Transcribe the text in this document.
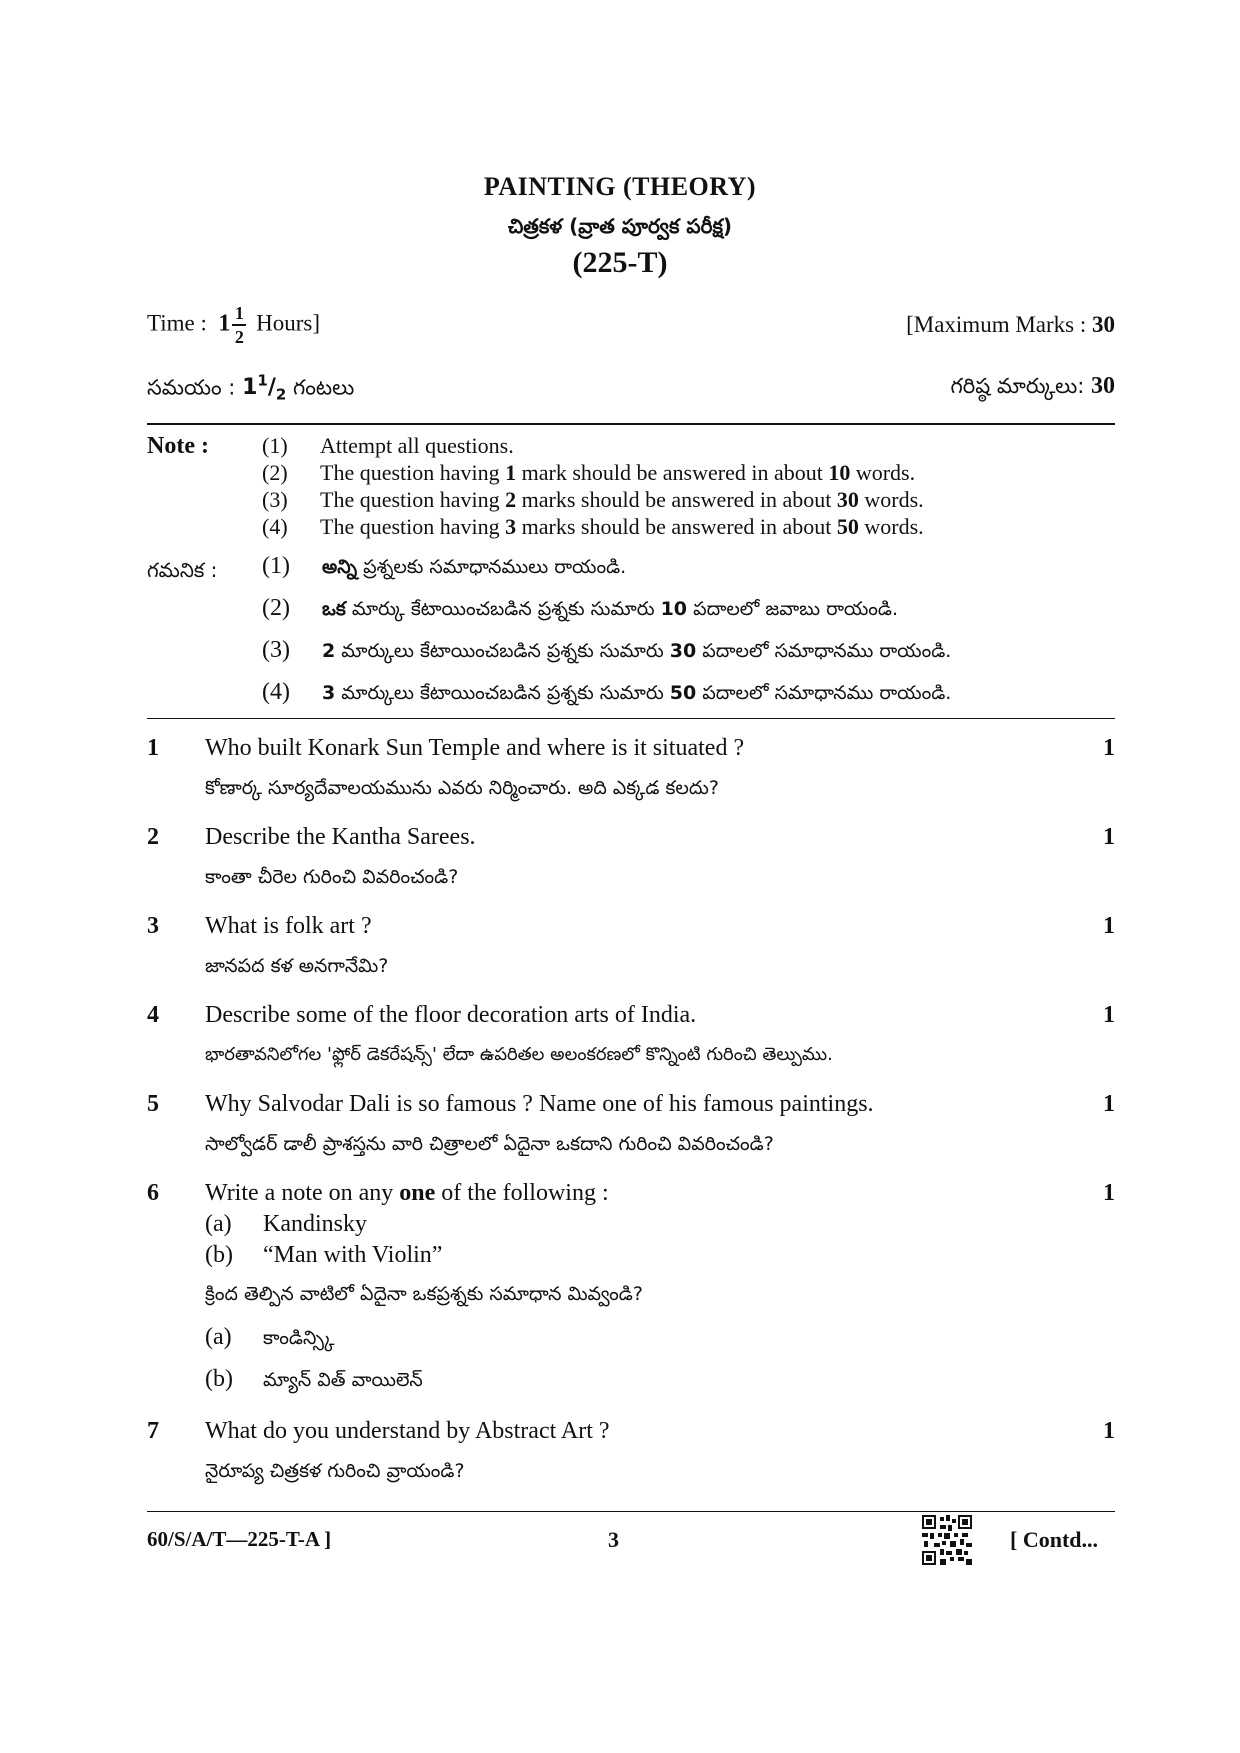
PAINTING (THEORY)
చిత్రకళ (వ్రాత పూర్వక పరీక్ష)
(225-T)
Time : $1 \frac{1}{2}$ Hours]	[Maximum Marks : 30
సమయం : $1^1/_2$ గంటలు	గరిష్ఠ మార్కులు: 30
Note : (1) Attempt all questions.
(2) The question having 1 mark should be answered in about 10 words.
(3) The question having 2 marks should be answered in about 30 words.
(4) The question having 3 marks should be answered in about 50 words.
గమనిక : (1) అన్ని ప్రశ్నలకు సమాధానములు రాయండి.
(2) ఒక మార్కు కేటాయించబడిన ప్రశ్నకు సుమారు 10 పదాలలో జవాబు రాయండి.
(3) 2 మార్కులు కేటాయించబడిన ప్రశ్నకు సుమారు 30 పదాలలో సమాధానము రాయండి.
(4) 3 మార్కులు కేటాయించబడిన ప్రశ్నకు సుమారు 50 పదాలలో సమాధానము రాయండి.
1 Who built Konark Sun Temple and where is it situated ?	1
కోణార్క సూర్యదేవాలయమును ఎవరు నిర్మించారు. అది ఎక్కడ కలదు?
2 Describe the Kantha Sarees.	1
కాంతా చీరెల గురించి వివరించండి?
3 What is folk art ?	1
జానపద కళ అనగానేమి?
4 Describe some of the floor decoration arts of India.	1
భారతావనిలోగల 'ఫ్లోర్ డెకరేషన్స్' లేదా ఉపరితల అలంకరణలో కొన్నింటి గురించి తెల్పుము.
5 Why Salvodar Dali is so famous ? Name one of his famous paintings.	1
సాల్వోడర్ డాలీ ప్రాశస్తను వారి చిత్రాలలో ఏదైనా ఒకదాని గురించి వివరించండి?
6 Write a note on any one of the following :	1
(a) Kandinsky
(b) “Man with Violin”
క్రింద తెల్పిన వాటిలో ఏదైనా ఒకప్రశ్నకు సమాధాన మివ్వండి?
(a) కాండిన్స్కి
(b) మ్యాన్ విత్ వాయిలెన్
7 What do you understand by Abstract Art ?	1
నైరూప్య చిత్రకళ గురించి వ్రాయండి?
60/S/A/T—225-T-A ]	3	[ Contd...
